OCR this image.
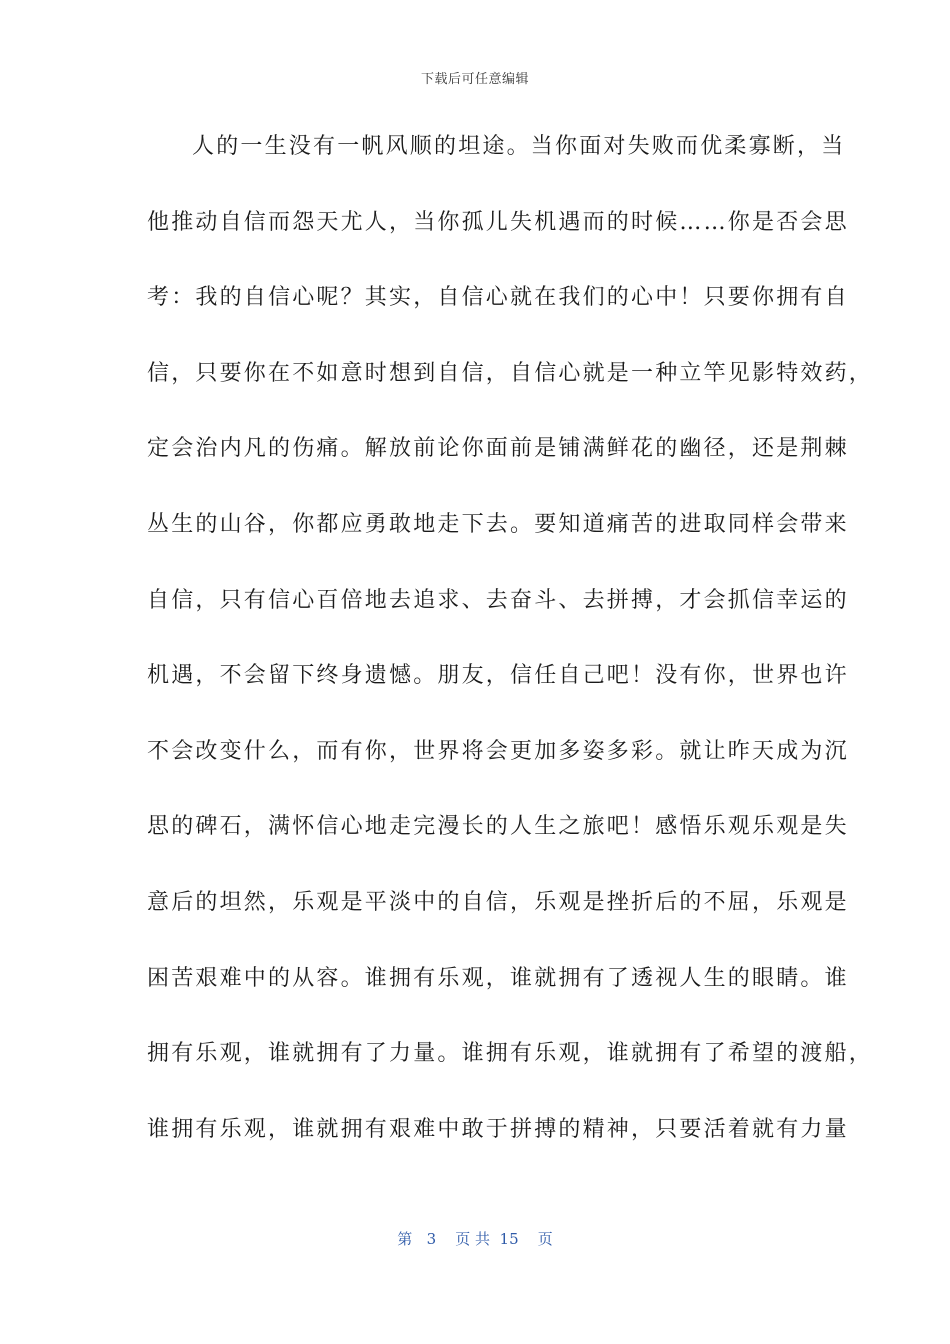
下载后可任意编辑
人的一生没有一帆风顺的坦途。当你面对失败而优柔寡断，当
他推动自信而怨天尤人，当你孤儿失机遇而的时候……你是否会思
考：我的自信心呢？其实，自信心就在我们的心中！只要你拥有自
信，只要你在不如意时想到自信，自信心就是一种立竿见影特效药，
定会治内凡的伤痛。解放前论你面前是铺满鲜花的幽径，还是荆棘
丛生的山谷，你都应勇敢地走下去。要知道痛苦的进取同样会带来
自信，只有信心百倍地去追求、去奋斗、去拼搏，才会抓信幸运的
机遇，不会留下终身遗憾。朋友，信任自己吧！没有你，世界也许
不会改变什么，而有你，世界将会更加多姿多彩。就让昨天成为沉
思的碑石，满怀信心地走完漫长的人生之旅吧！感悟乐观乐观是失
意后的坦然，乐观是平淡中的自信，乐观是挫折后的不屈，乐观是
困苦艰难中的从容。谁拥有乐观，谁就拥有了透视人生的眼睛。谁
拥有乐观，谁就拥有了力量。谁拥有乐观，谁就拥有了希望的渡船，
谁拥有乐观，谁就拥有艰难中敢于拼搏的精神，只要活着就有力量
第 3 页 共 15 页
